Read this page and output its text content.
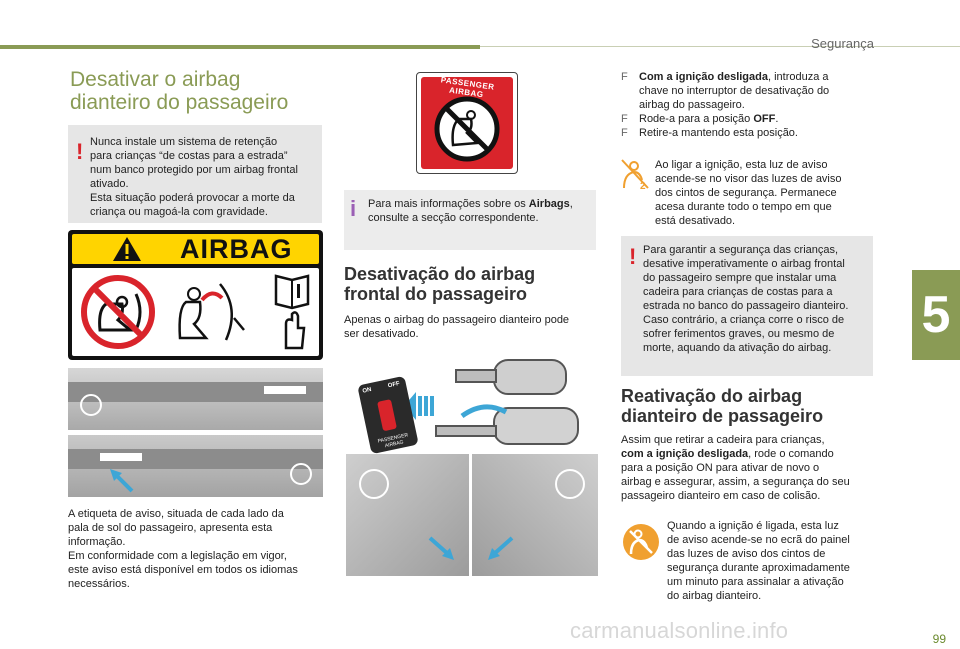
Segurança
5
99
carmanualsonline.info
Desativar o airbag
dianteiro do passageiro
! Nunca instale um sistema de retenção
para crianças “de costas para a estrada”
num banco protegido por um airbag frontal
ativado.
Esta situação poderá provocar a morte da
criança ou magoá-la com gravidade.
AIRBAG
A etiqueta de aviso, situada de cada lado da
pala de sol do passageiro, apresenta esta
informação.
Em conformidade com a legislação em vigor,
este aviso está disponível em todos os idiomas
necessários.
PASSENGER AIRBAG
i Para mais informações sobre os Airbags,
consulte a secção correspondente.
Desativação do airbag
frontal do passageiro
Apenas o airbag do passageiro dianteiro pode
ser desativado.
ON
OFF
PASSENGER AIRBAG
F	Com a ignição desligada, introduza a
chave no interruptor de desativação do
airbag do passageiro.
F	Rode-a para a posição OFF.
F	Retire-a mantendo esta posição.
2
Ao ligar a ignição, esta luz de aviso
acende-se no visor das luzes de aviso
dos cintos de segurança. Permanece
acesa durante todo o tempo em que
está desativado.
! Para garantir a segurança das crianças,
desative imperativamente o airbag frontal
do passageiro sempre que instalar uma
cadeira para crianças de costas para a
estrada no banco do passageiro dianteiro.
Caso contrário, a criança corre o risco de
sofrer ferimentos graves, ou mesmo de
morte, aquando da ativação do airbag.
Reativação do airbag
dianteiro de passageiro
Assim que retirar a cadeira para crianças,
com a ignição desligada, rode o comando
para a posição ON para ativar de novo o
airbag e assegurar, assim, a segurança do seu
passageiro dianteiro em caso de colisão.
Quando a ignição é ligada, esta luz
de aviso acende-se no ecrã do painel
das luzes de aviso dos cintos de
segurança durante aproximadamente
um minuto para assinalar a ativação
do airbag dianteiro.
